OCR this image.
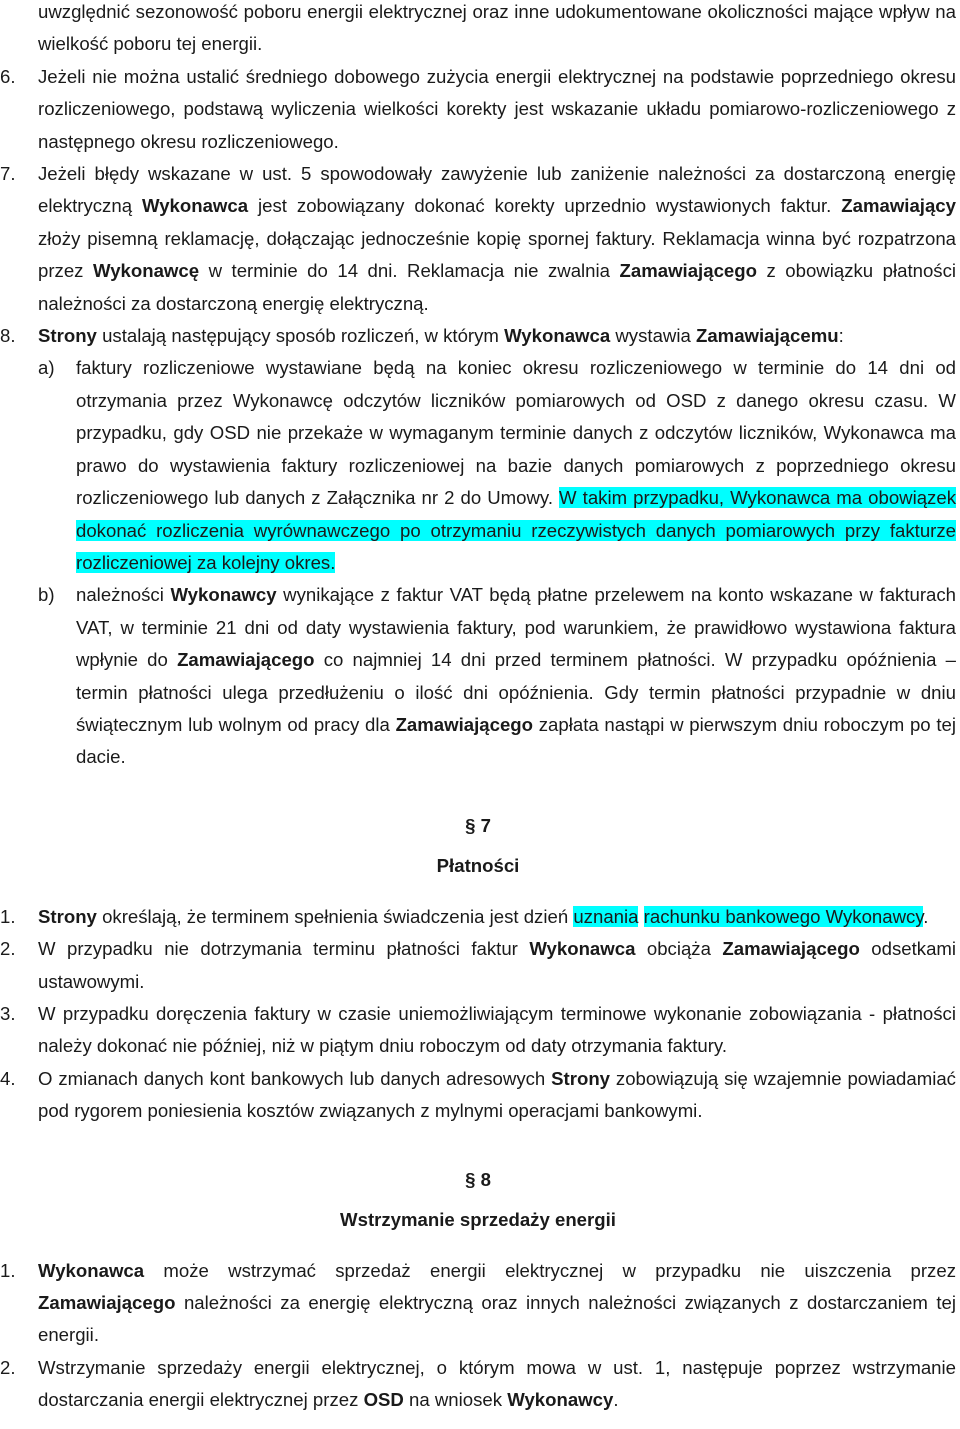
uwzględnić sezonowość poboru energii elektrycznej oraz inne udokumentowane okoliczności mające wpływ na wielkość poboru tej energii.

6. Jeżeli nie można ustalić średniego dobowego zużycia energii elektrycznej na podstawie poprzedniego okresu rozliczeniowego, podstawą wyliczenia wielkości korekty jest wskazanie układu pomiarowo-rozliczeniowego z następnego okresu rozliczeniowego.

7. Jeżeli błędy wskazane w ust. 5 spowodowały zawyżenie lub zaniżenie należności za dostarczoną energię elektryczną Wykonawca jest zobowiązany dokonać korekty uprzednio wystawionych faktur. Zamawiający złoży pisemną reklamację, dołączając jednocześnie kopię spornej faktury. Reklamacja winna być rozpatrzona przez Wykonawcę w terminie do 14 dni. Reklamacja nie zwalnia Zamawiającego z obowiązku płatności należności za dostarczoną energię elektryczną.

8. Strony ustalają następujący sposób rozliczeń, w którym Wykonawca wystawia Zamawiającemu:

a) faktury rozliczeniowe wystawiane będą na koniec okresu rozliczeniowego w terminie do 14 dni od otrzymania przez Wykonawcę odczytów liczników pomiarowych od OSD z danego okresu czasu. W przypadku, gdy OSD nie przekaże w wymaganym terminie danych z odczytów liczników, Wykonawca ma prawo do wystawienia faktury rozliczeniowej na bazie danych pomiarowych z poprzedniego okresu rozliczeniowego lub danych z Załącznika nr 2 do Umowy. W takim przypadku, Wykonawca ma obowiązek dokonać rozliczenia wyrównawczego po otrzymaniu rzeczywistych danych pomiarowych przy fakturze rozliczeniowej za kolejny okres.

b) należności Wykonawcy wynikające z faktur VAT będą płatne przelewem na konto wskazane w fakturach VAT, w terminie 21 dni od daty wystawienia faktury, pod warunkiem, że prawidłowo wystawiona faktura wpłynie do Zamawiającego co najmniej 14 dni przed terminem płatności. W przypadku opóźnienia – termin płatności ulega przedłużeniu o ilość dni opóźnienia. Gdy termin płatności przypadnie w dniu świątecznym lub wolnym od pracy dla Zamawiającego zapłata nastąpi w pierwszym dniu roboczym po tej dacie.

§ 7

Płatności

1. Strony określają, że terminem spełnienia świadczenia jest dzień uznania rachunku bankowego Wykonawcy.

2. W przypadku nie dotrzymania terminu płatności faktur Wykonawca obciąża Zamawiającego odsetkami ustawowymi.

3. W przypadku doręczenia faktury w czasie uniemożliwiającym terminowe wykonanie zobowiązania - płatności należy dokonać nie później, niż w piątym dniu roboczym od daty otrzymania faktury.

4. O zmianach danych kont bankowych lub danych adresowych Strony zobowiązują się wzajemnie powiadamiać pod rygorem poniesienia kosztów związanych z mylnymi operacjami bankowymi.

§ 8

Wstrzymanie sprzedaży energii

1. Wykonawca może wstrzymać sprzedaż energii elektrycznej w przypadku nie uiszczenia przez Zamawiającego należności za energię elektryczną oraz innych należności związanych z dostarczaniem tej energii.

2. Wstrzymanie sprzedaży energii elektrycznej, o którym mowa w ust. 1, następuje poprzez wstrzymanie dostarczania energii elektrycznej przez OSD na wniosek Wykonawcy.
